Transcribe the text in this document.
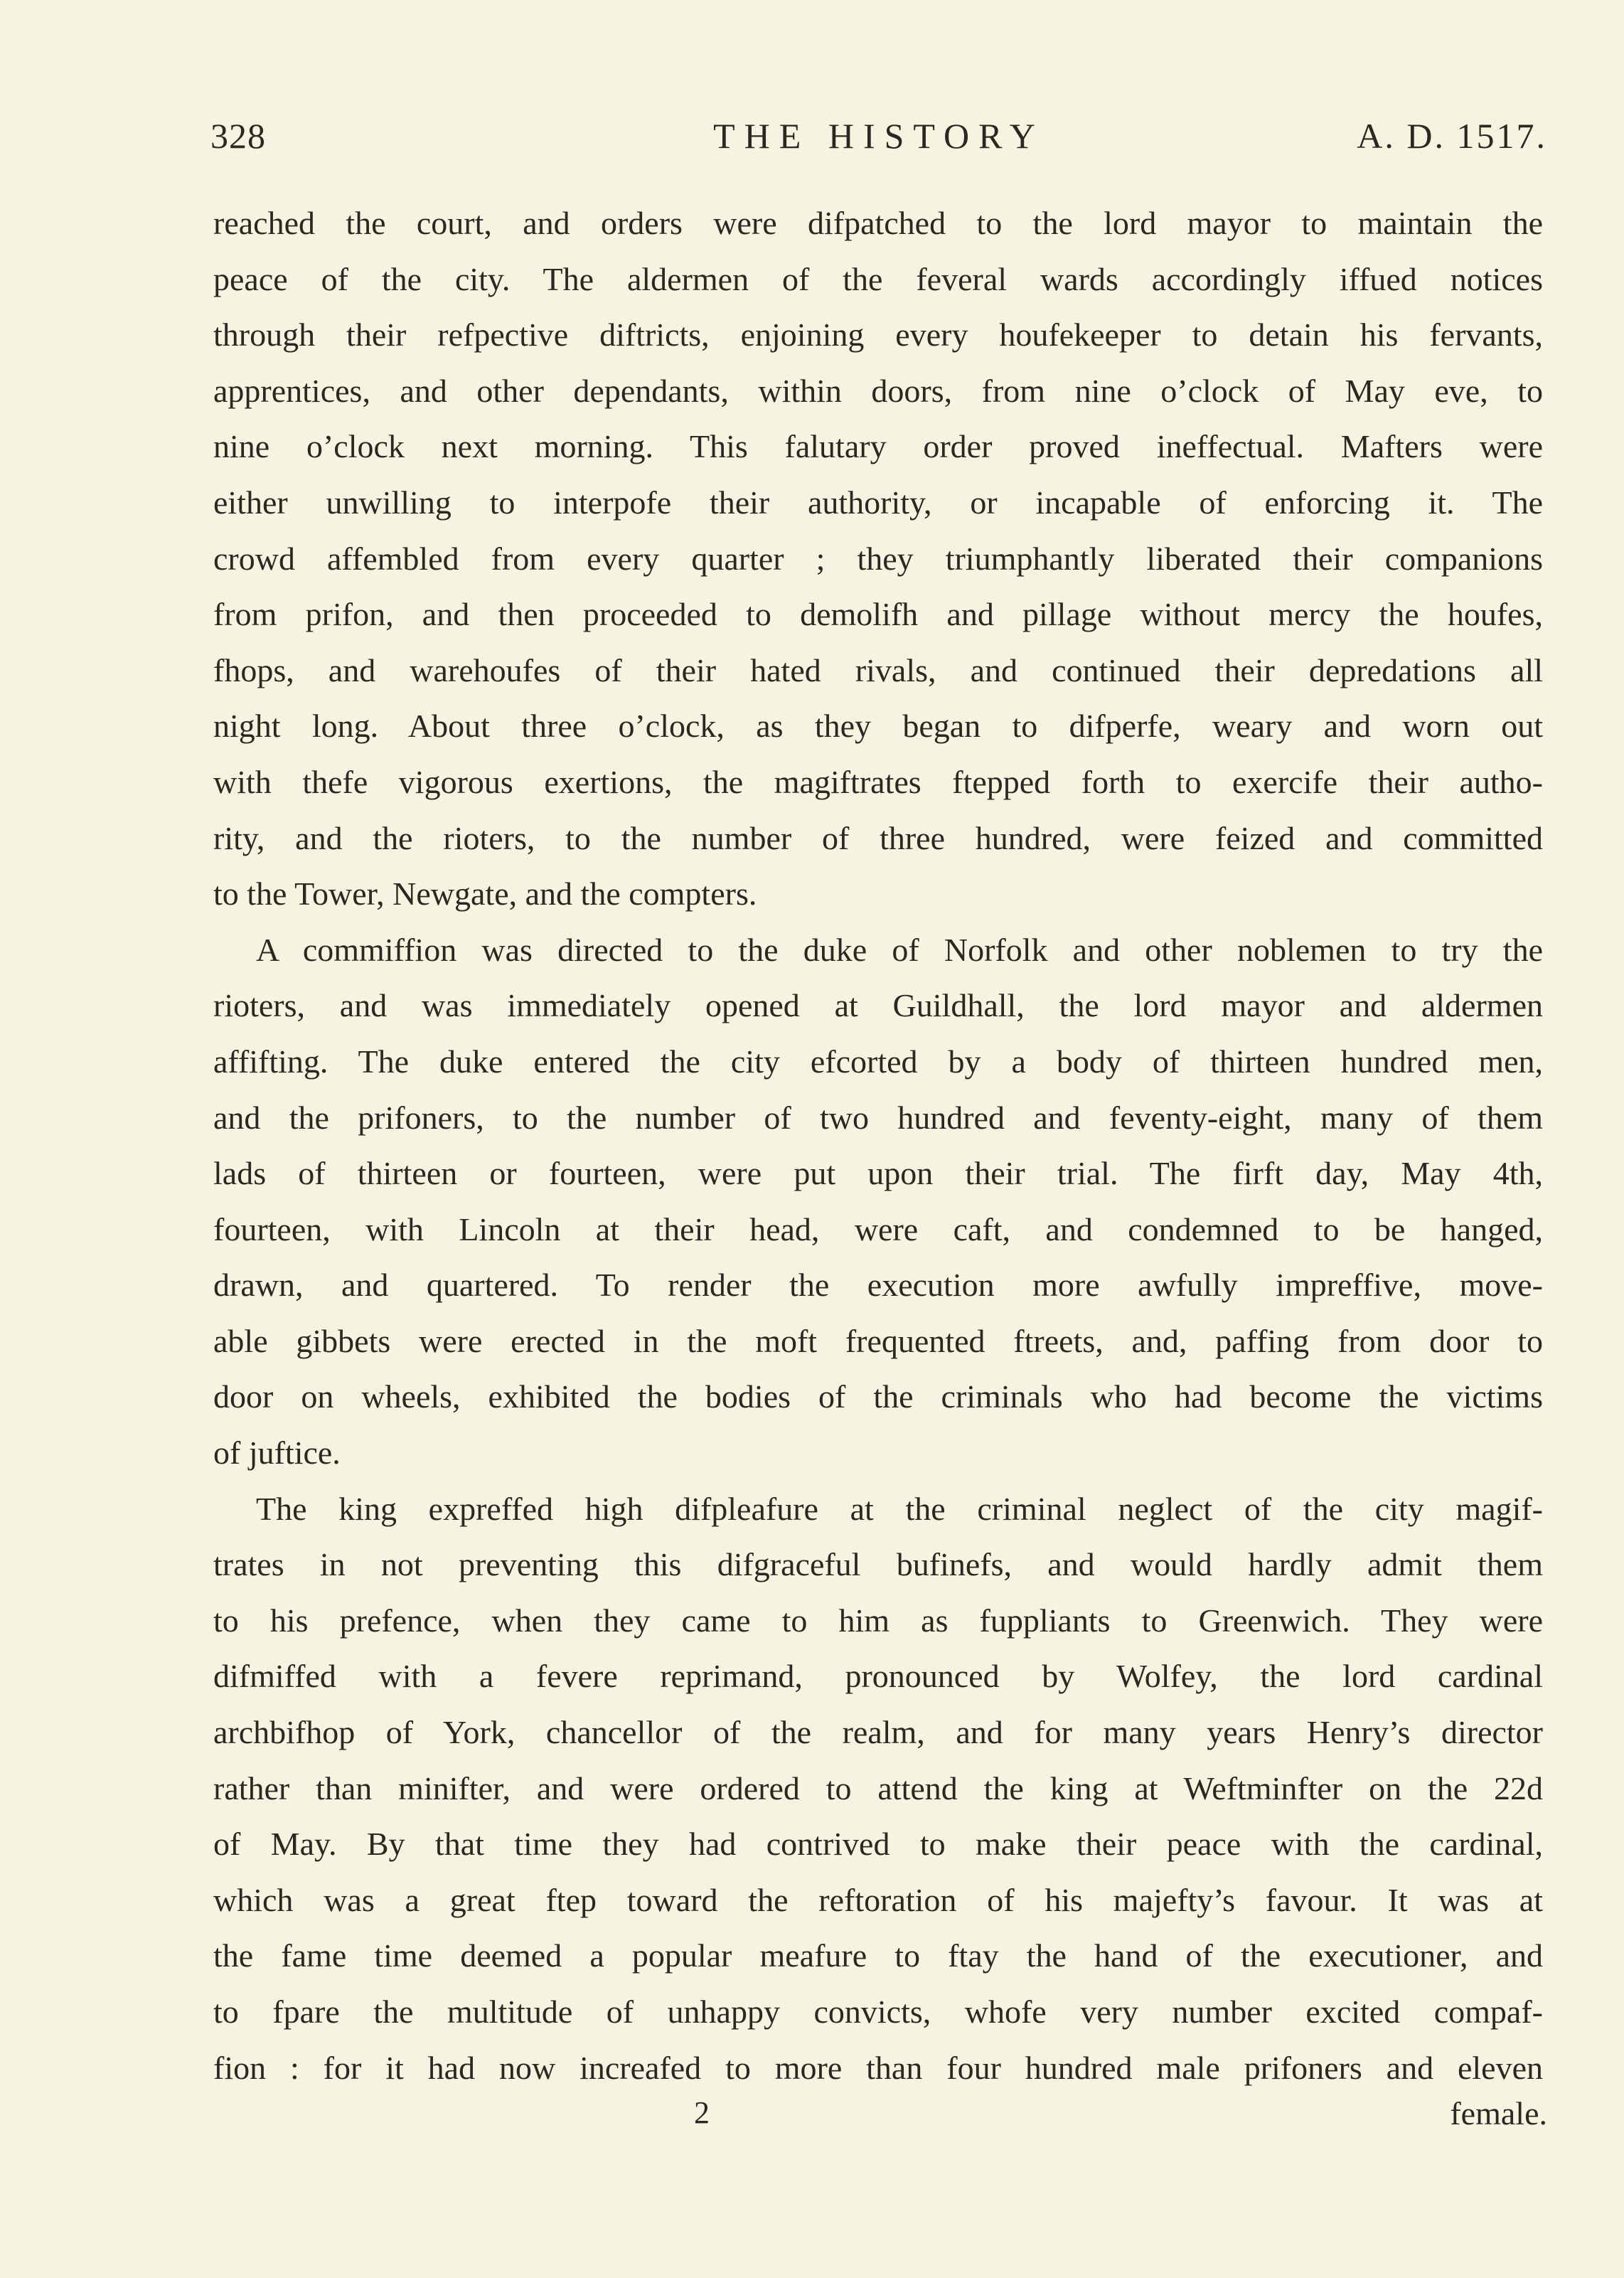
328	THE HISTORY	A. D. 1517.
reached the court, and orders were difpatched to the lord mayor to maintain the
peace of the city. The aldermen of the feveral wards accordingly iffued notices
through their refpective diftricts, enjoining every houfekeeper to detain his fervants,
apprentices, and other dependants, within doors, from nine o’clock of May eve, to
nine o’clock next morning. This falutary order proved ineffectual. Mafters were
either unwilling to interpofe their authority, or incapable of enforcing it. The
crowd affembled from every quarter ; they triumphantly liberated their companions
from prifon, and then proceeded to demolifh and pillage without mercy the houfes,
fhops, and warehoufes of their hated rivals, and continued their depredations all
night long. About three o’clock, as they began to difperfe, weary and worn out
with thefe vigorous exertions, the magiftrates ftepped forth to exercife their autho-
rity, and the rioters, to the number of three hundred, were feized and committed
to the Tower, Newgate, and the compters.
A commiffion was directed to the duke of Norfolk and other noblemen to try the
rioters, and was immediately opened at Guildhall, the lord mayor and aldermen
affifting. The duke entered the city efcorted by a body of thirteen hundred men,
and the prifoners, to the number of two hundred and feventy-eight, many of them
lads of thirteen or fourteen, were put upon their trial. The firft day, May 4th,
fourteen, with Lincoln at their head, were caft, and condemned to be hanged,
drawn, and quartered. To render the execution more awfully impreffive, move-
able gibbets were erected in the moft frequented ftreets, and, paffing from door to
door on wheels, exhibited the bodies of the criminals who had become the victims
of juftice.
The king expreffed high difpleafure at the criminal neglect of the city magif-
trates in not preventing this difgraceful bufinefs, and would hardly admit them
to his prefence, when they came to him as fuppliants to Greenwich. They were
difmiffed with a fevere reprimand, pronounced by Wolfey, the lord cardinal
archbifhop of York, chancellor of the realm, and for many years Henry’s director
rather than minifter, and were ordered to attend the king at Weftminfter on the 22d
of May. By that time they had contrived to make their peace with the cardinal,
which was a great ftep toward the reftoration of his majefty’s favour. It was at
the fame time deemed a popular meafure to ftay the hand of the executioner, and
to fpare the multitude of unhappy convicts, whofe very number excited compaf-
fion : for it had now increafed to more than four hundred male prifoners and eleven
2	female.
